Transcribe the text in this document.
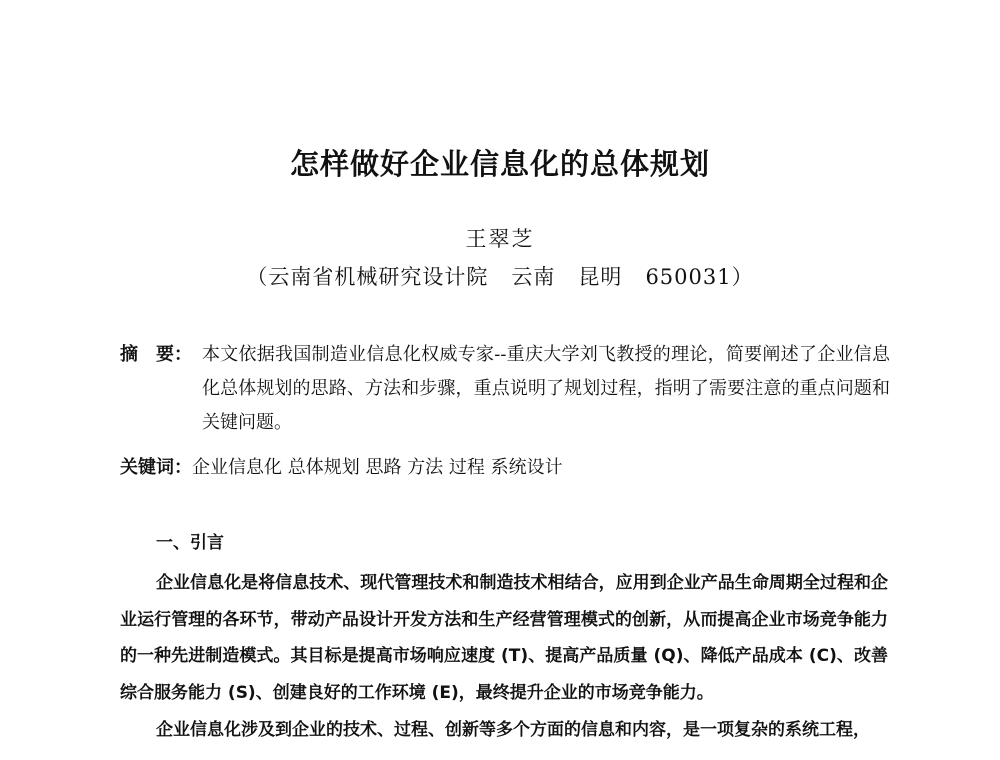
怎样做好企业信息化的总体规划
王翠芝
（云南省机械研究设计院   云南   昆明   650031）
摘　要： 本文依据我国制造业信息化权威专家--重庆大学刘飞教授的理论，简要阐述了企业信息化总体规划的思路、方法和步骤，重点说明了规划过程，指明了需要注意的重点问题和关键问题。
关键词：企业信息化 总体规划 思路 方法 过程 系统设计
一、引言
企业信息化是将信息技术、现代管理技术和制造技术相结合，应用到企业产品生命周期全过程和企业运行管理的各环节，带动产品设计开发方法和生产经营管理模式的创新，从而提高企业市场竞争能力的一种先进制造模式。其目标是提高市场响应速度 (T)、提高产品质量 (Q)、降低产品成本 (C)、改善综合服务能力 (S)、创建良好的工作环境 (E)，最终提升企业的市场竞争能力。
企业信息化涉及到企业的技术、过程、创新等多个方面的信息和内容，是一项复杂的系统工程，
